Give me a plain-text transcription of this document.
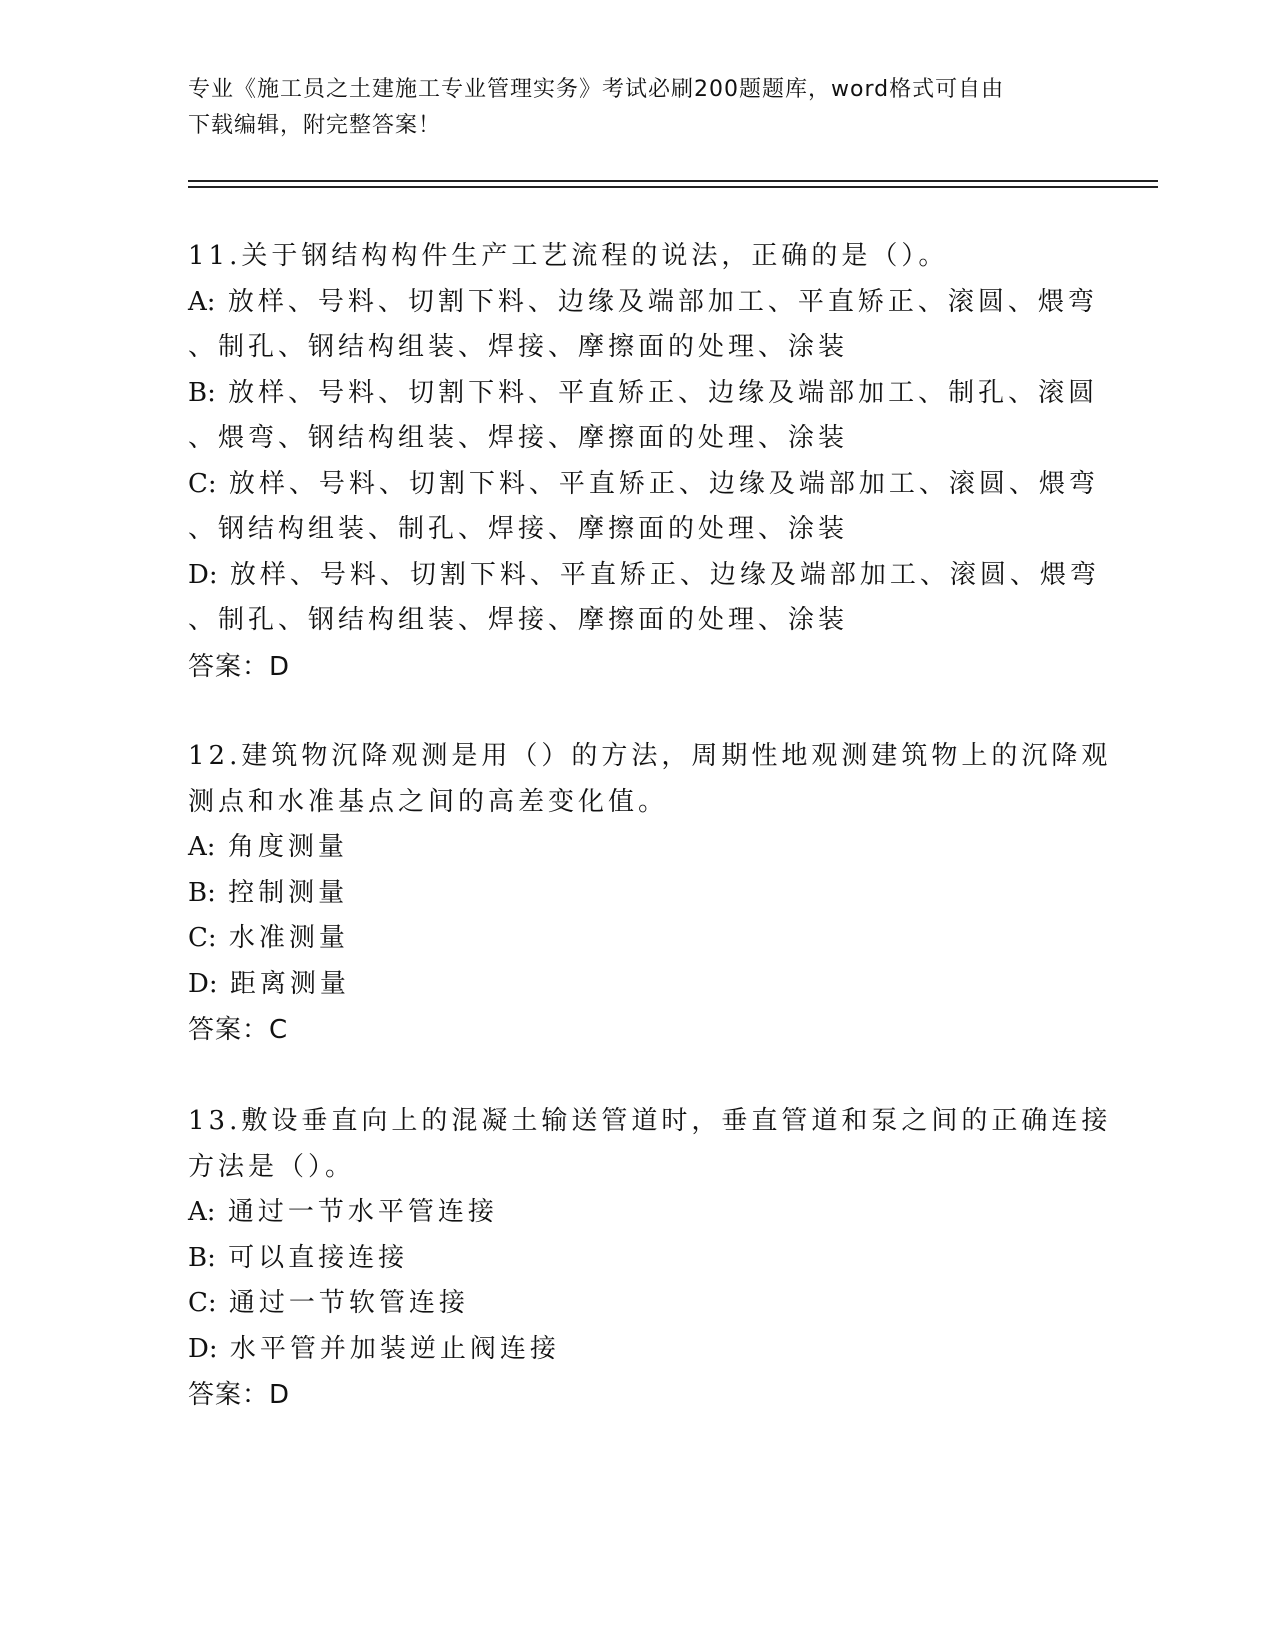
专业《施工员之土建施工专业管理实务》考试必刷200题题库，word格式可自由
下载编辑，附完整答案！
11.关于钢结构构件生产工艺流程的说法，正确的是（）。
A: 放样、号料、切割下料、边缘及端部加工、平直矫正、滚圆、煨弯
、制孔、钢结构组装、焊接、摩擦面的处理、涂装
B: 放样、号料、切割下料、平直矫正、边缘及端部加工、制孔、滚圆
、煨弯、钢结构组装、焊接、摩擦面的处理、涂装
C: 放样、号料、切割下料、平直矫正、边缘及端部加工、滚圆、煨弯
、钢结构组装、制孔、焊接、摩擦面的处理、涂装
D: 放样、号料、切割下料、平直矫正、边缘及端部加工、滚圆、煨弯
、制孔、钢结构组装、焊接、摩擦面的处理、涂装
答案：D
12.建筑物沉降观测是用（）的方法，周期性地观测建筑物上的沉降观
测点和水准基点之间的高差变化值。
A: 角度测量
B: 控制测量
C: 水准测量
D: 距离测量
答案：C
13.敷设垂直向上的混凝土输送管道时，垂直管道和泵之间的正确连接
方法是（）。
A: 通过一节水平管连接
B: 可以直接连接
C: 通过一节软管连接
D: 水平管并加装逆止阀连接
答案：D
